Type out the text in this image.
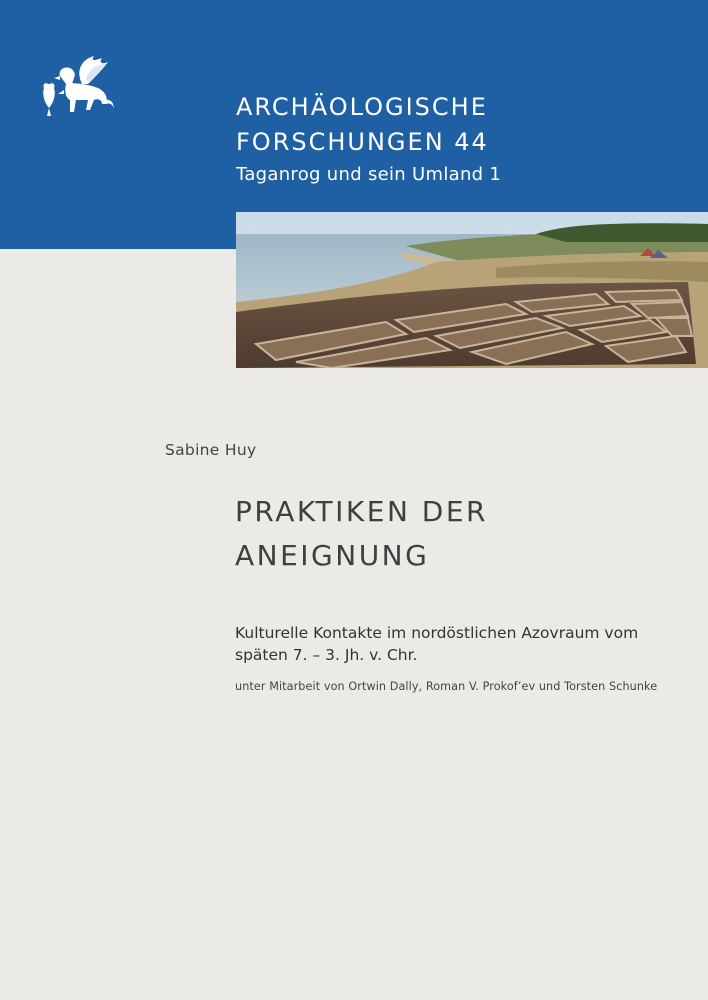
ARCHÄOLOGISCHE
FORSCHUNGEN 44
Taganrog und sein Umland 1
Sabine Huy
PRAKTIKEN DER
ANEIGNUNG
Kulturelle Kontakte im nordöstlichen Azovraum vom
späten 7. – 3. Jh. v. Chr.
unter Mitarbeit von Ortwin Dally, Roman V. Prokof’ev und Torsten Schunke
